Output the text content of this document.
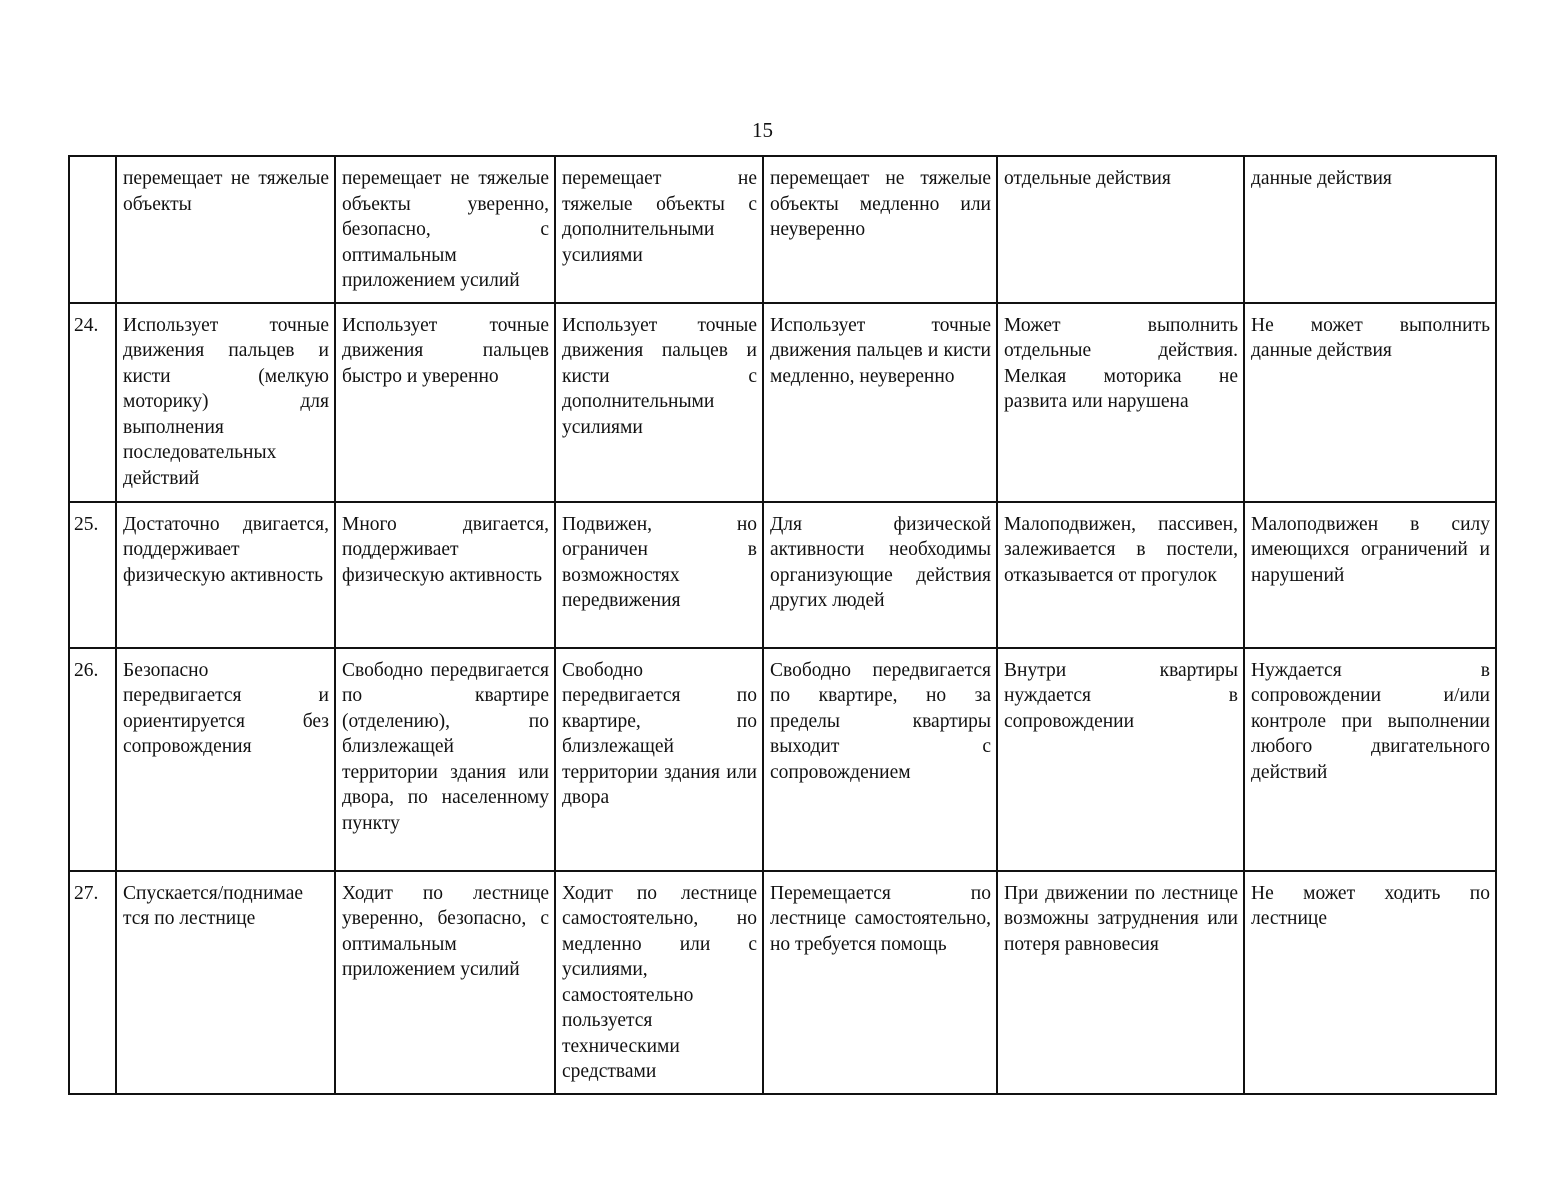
15
	перемещает не тяжелые объекты	перемещает не тяжелые объекты уверенно, безопасно, с оптимальным приложением усилий	перемещает не тяжелые объекты с дополнительными усилиями	перемещает не тяжелые объекты медленно или неуверенно	отдельные действия	данные действия
24.	Использует точные движения пальцев и кисти (мелкую моторику) для выполнения последовательных действий	Использует точные движения пальцев быстро и уверенно	Использует точные движения пальцев и кисти с дополнительными усилиями	Использует точные движения пальцев и кисти медленно, неуверенно	Может выполнить отдельные действия. Мелкая моторика не развита или нарушена	Не может выполнить данные действия
25.	Достаточно двигается, поддерживает физическую активность	Много двигается, поддерживает физическую активность	Подвижен, но ограничен в возможностях передвижения	Для физической активности необходимы организующие действия других людей	Малоподвижен, пассивен, залеживается в постели, отказывается от прогулок	Малоподвижен в силу имеющихся ограничений и нарушений
26.	Безопасно передвигается и ориентируется без сопровождения	Свободно передвигается по квартире (отделению), по близлежащей территории здания или двора, по населенному пункту	Свободно передвигается по квартире, по близлежащей территории здания или двора	Свободно передвигается по квартире, но за пределы квартиры выходит с сопровождением	Внутри квартиры нуждается в сопровождении	Нуждается в сопровождении и/или контроле при выполнении любого двигательного действий
27.	Спускается/поднимае тся по лестнице	Ходит по лестнице уверенно, безопасно, с оптимальным приложением усилий	Ходит по лестнице самостоятельно, но медленно или с усилиями, самостоятельно пользуется техническими средствами	Перемещается по лестнице самостоятельно, но требуется помощь	При движении по лестнице возможны затруднения или потеря равновесия	Не может ходить по лестнице
